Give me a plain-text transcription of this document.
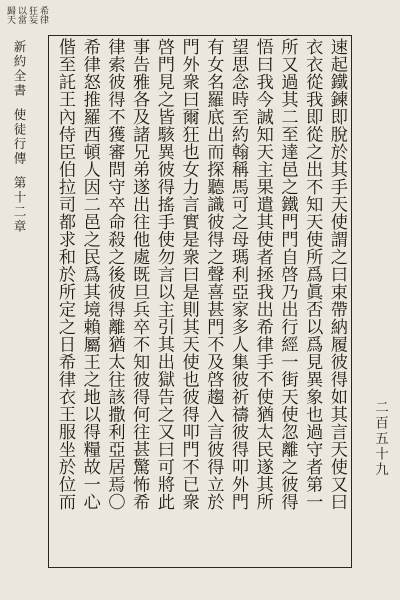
希律
狂妄
以當
歸天
速起鐵鍊即脫於其手天使謂之曰束帶納履彼得如其言天使又曰
衣衣從我即從之出不知天使所爲眞否以爲見異象也過守者第一
所又過其二至達邑之鐵門門自啓乃出行經一街天使忽離之彼得
悟曰我今誠知天主果遣其使者拯我出希律手不使猶太民遂其所
望思念時至約翰稱馬可之母瑪利亞家多人集彼祈禱彼得叩外門
有女名羅底出而探聽識彼得之聲喜甚門不及啓趨入言彼得立於
門外衆曰爾狂也女力言實是衆曰是則其天使也彼得叩門不已衆
啓門見之皆駭異彼得搖手使勿言以主引其出獄告之又曰可將此
事告雅各及諸兄弟遂出往他處既旦兵卒不知彼得何往甚驚怖希
律索彼得不獲審問守卒命殺之後彼得離猶太往該撒利亞居焉〇
希律怒推羅西頓人因二邑之民爲其境賴屬王之地以得糧故一心
偕至託王內侍臣伯拉司都求和於所定之日希律衣王服坐於位而
新約全書
使徒行傳
第十二章
二百五十九
